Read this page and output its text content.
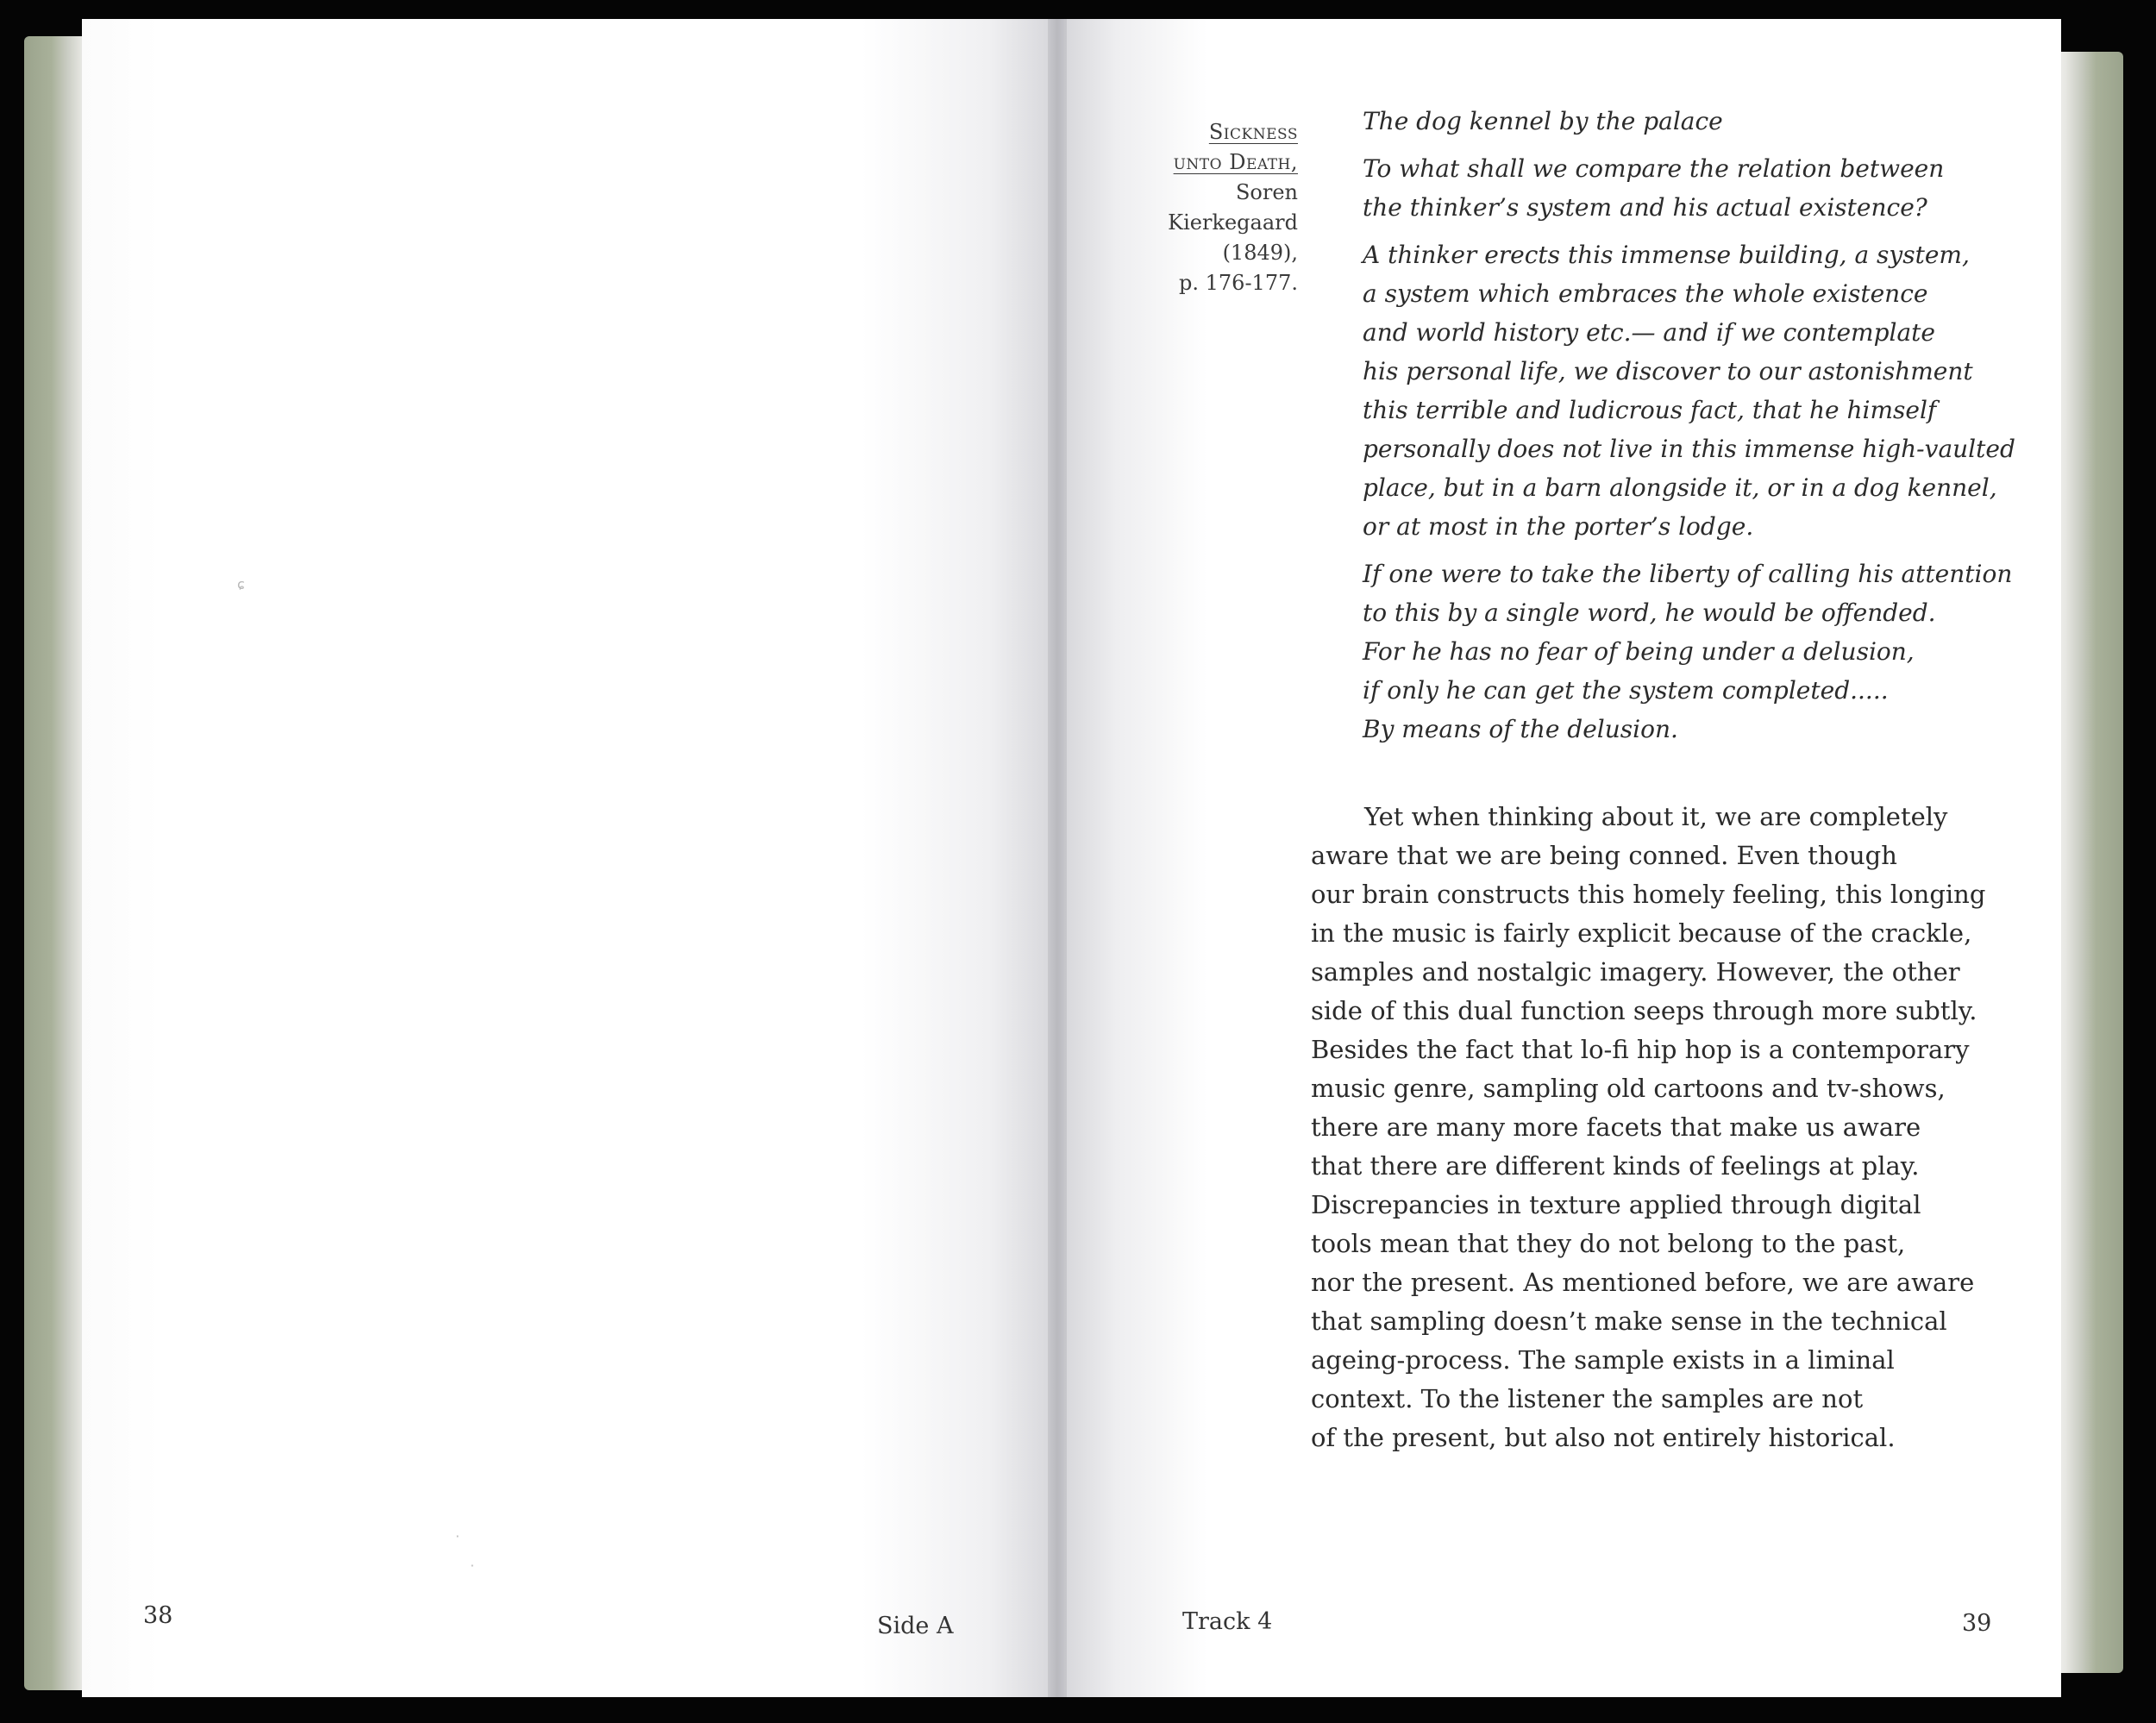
ɕ
·
·
38	Side A
Sickness
unto Death,
Soren
Kierkegaard
(1849),
p. 176-177.

The dog kennel by the palace

To what shall we compare the relation between
the thinker’s system and his actual existence?

A thinker erects this immense building, a system,
a system which embraces the whole existence
and world history etc.— and if we contemplate
his personal life, we discover to our astonishment
this terrible and ludicrous fact, that he himself
personally does not live in this immense high-vaulted
place, but in a barn alongside it, or in a dog kennel,
or at most in the porter’s lodge.

If one were to take the liberty of calling his attention
to this by a single word, he would be offended.
For he has no fear of being under a delusion,
if only he can get the system completed.....
By means of the delusion.

Yet when thinking about it, we are completely
aware that we are being conned. Even though
our brain constructs this homely feeling, this longing
in the music is fairly explicit because of the crackle,
samples and nostalgic imagery. However, the other
side of this dual function seeps through more subtly.
Besides the fact that lo-fi hip hop is a contemporary
music genre, sampling old cartoons and tv-shows,
there are many more facets that make us aware
that there are different kinds of feelings at play.
Discrepancies in texture applied through digital
tools mean that they do not belong to the past,
nor the present. As mentioned before, we are aware
that sampling doesn’t make sense in the technical
ageing-process. The sample exists in a liminal
context. To the listener the samples are not
of the present, but also not entirely historical.
Track 4	39
